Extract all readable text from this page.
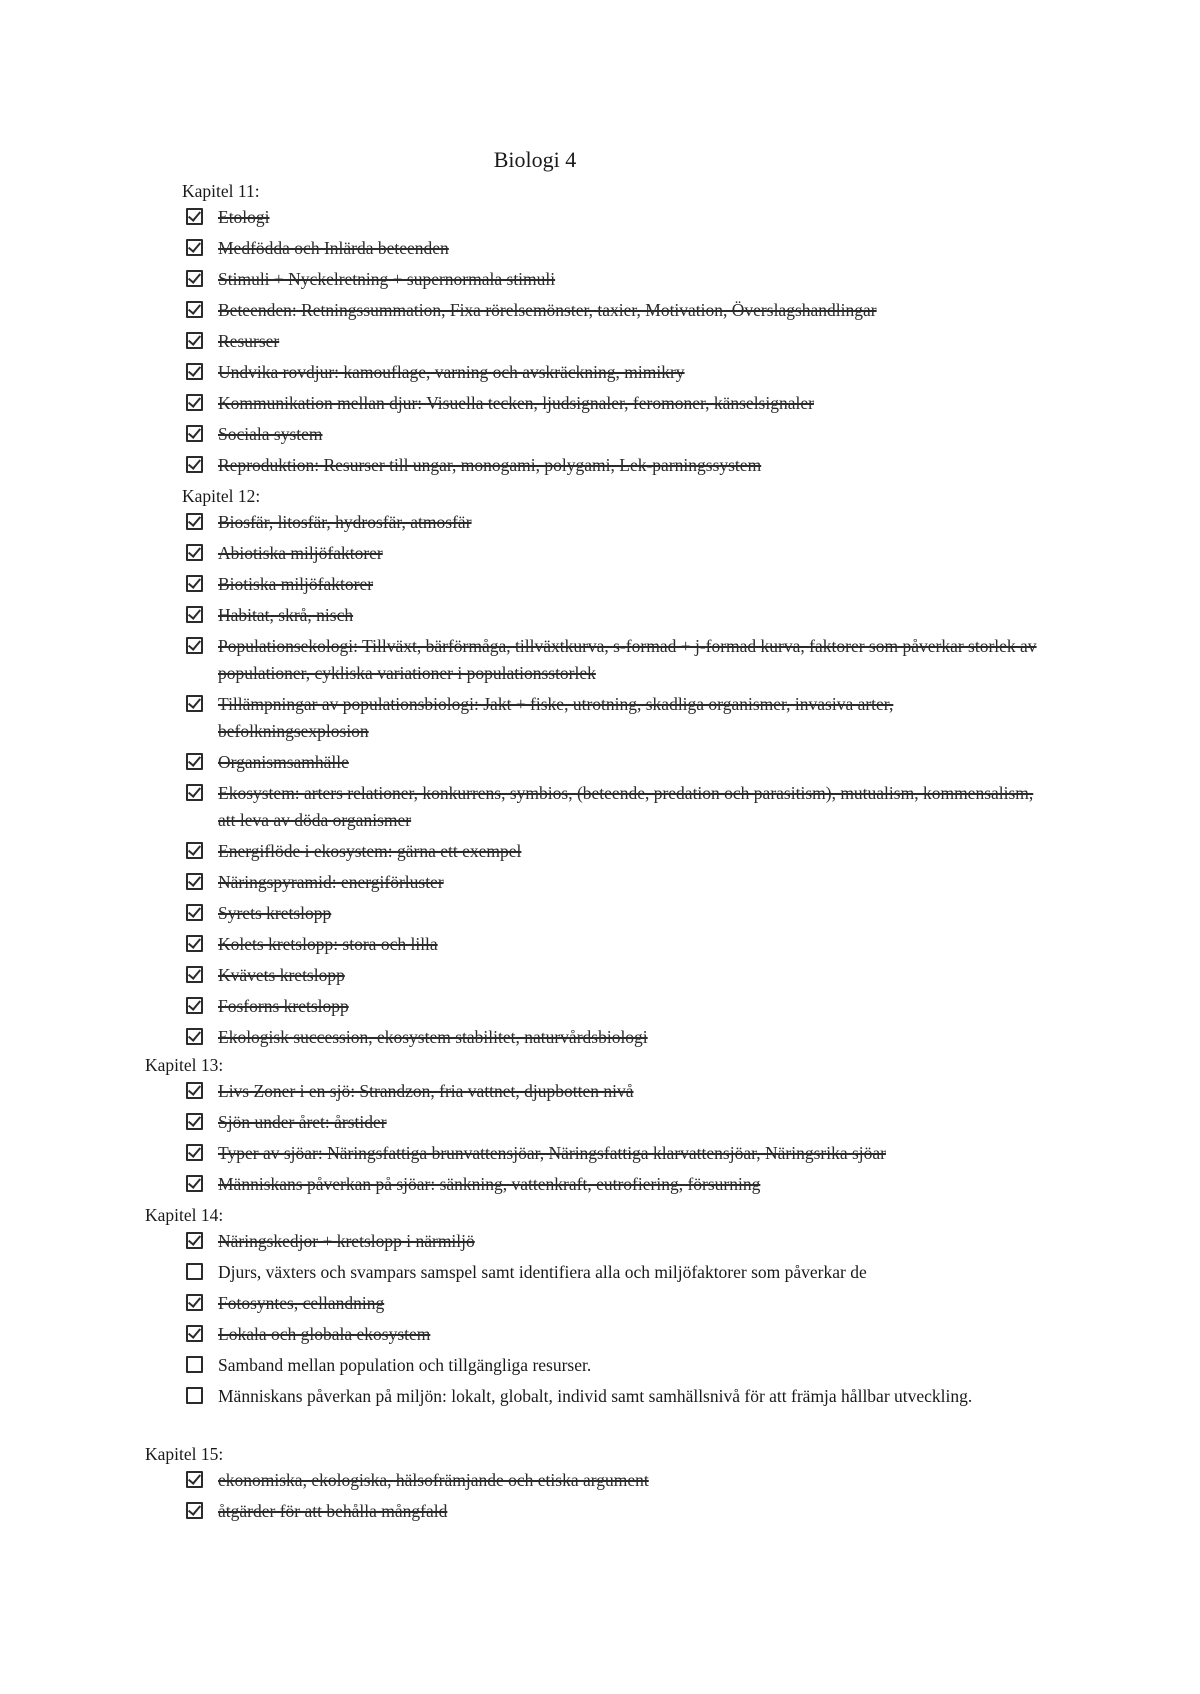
Biologi 4
Kapitel 11:
Etologi
Medfödda och Inlärda beteenden
Stimuli + Nyckelretning + supernormala stimuli
Beteenden: Retningssummation, Fixa rörelsemönster, taxier, Motivation, Överslagshandlingar
Resurser
Undvika rovdjur: kamouflage, varning och avskräckning, mimikry
Kommunikation mellan djur: Visuella tecken, ljudsignaler, feromoner, känselsignaler
Sociala system
Reproduktion: Resurser till ungar, monogami, polygami, Lek-parningssystem
Kapitel 12:
Biosfär, litosfär, hydrosfär, atmosfär
Abiotiska miljöfaktorer
Biotiska miljöfaktorer
Habitat, skrå, nisch
Populationsekologi: Tillväxt, bärförmåga, tillväxtkurva, s-formad + j-formad kurva, faktorer som påverkar storlek av populationer, cykliska variationer i populationsstorlek
Tillämpningar av populationsbiologi: Jakt + fiske, utrotning, skadliga organismer, invasiva arter, befolkningsexplosion
Organismsamhälle
Ekosystem: arters relationer, konkurrens, symbios, (beteende, predation och parasitism), mutualism, kommensalism, att leva av döda organismer
Energiflöde i ekosystem: gärna ett exempel
Näringspyramid: energiförluster
Syrets kretslopp
Kolets kretslopp: stora och lilla
Kvävets kretslopp
Fosforns kretslopp
Ekologisk succession, ekosystem stabilitet, naturvårdsbiologi
Kapitel 13:
Livs Zoner i en sjö: Strandzon, fria vattnet, djupbotten nivå
Sjön under året: årstider
Typer av sjöar: Näringsfattiga brunvattensjöar, Näringsfattiga klarvattensjöar, Näringsrika sjöar
Människans påverkan på sjöar: sänkning, vattenkraft, eutrofiering, försurning
Kapitel 14:
Näringskedjor + kretslopp i närmiljö
Djurs, växters och svampars samspel samt identifiera alla och miljöfaktorer som påverkar de
Fotosyntes, cellandning
Lokala och globala ekosystem
Samband mellan population och tillgängliga resurser.
Människans påverkan på miljön: lokalt, globalt, individ samt samhällsnivå för att främja hållbar utveckling.
Kapitel 15:
ekonomiska, ekologiska, hälsofrämjande och etiska argument
åtgärder för att behålla mångfald
